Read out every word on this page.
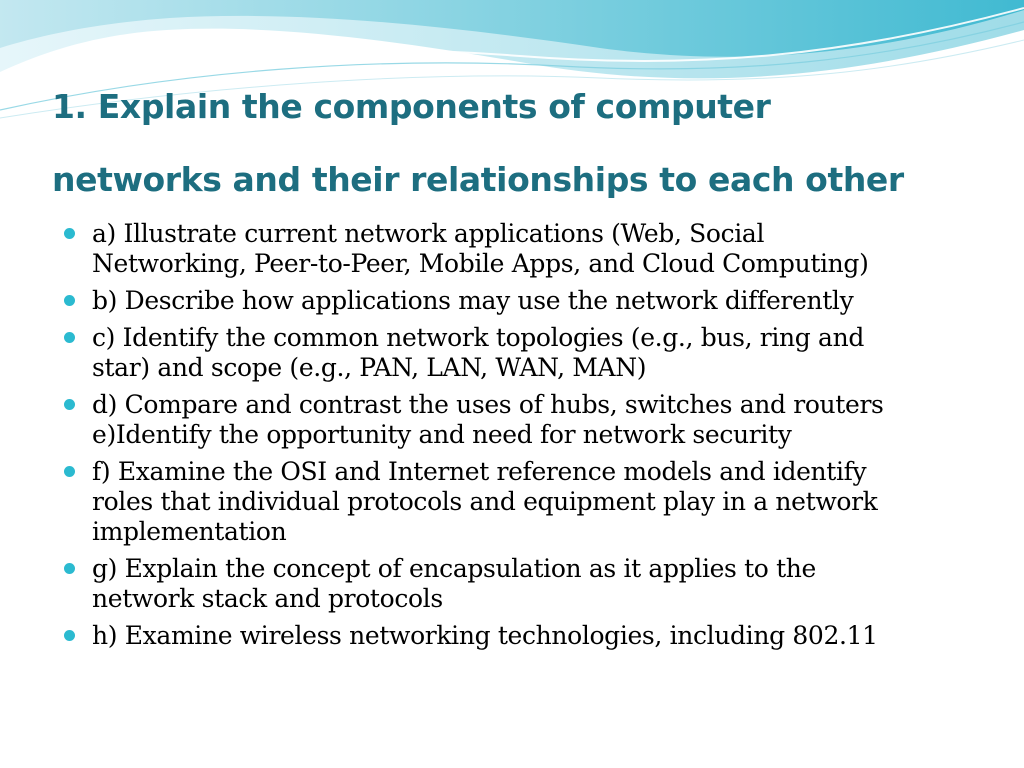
1. Explain the components of computer
networks and their relationships to each other
a) Illustrate current network applications (Web, Social
Networking, Peer-to-Peer, Mobile Apps, and Cloud Computing)
b) Describe how applications may use the network differently
c) Identify the common network topologies (e.g., bus, ring and
star) and scope (e.g., PAN, LAN, WAN, MAN)
d) Compare and contrast the uses of hubs, switches and routers
e)Identify the opportunity and need for network security
f) Examine the OSI and Internet reference models and identify
roles that individual protocols and equipment play in a network
implementation
g) Explain the concept of encapsulation as it applies to the
network stack and protocols
h) Examine wireless networking technologies, including 802.11
